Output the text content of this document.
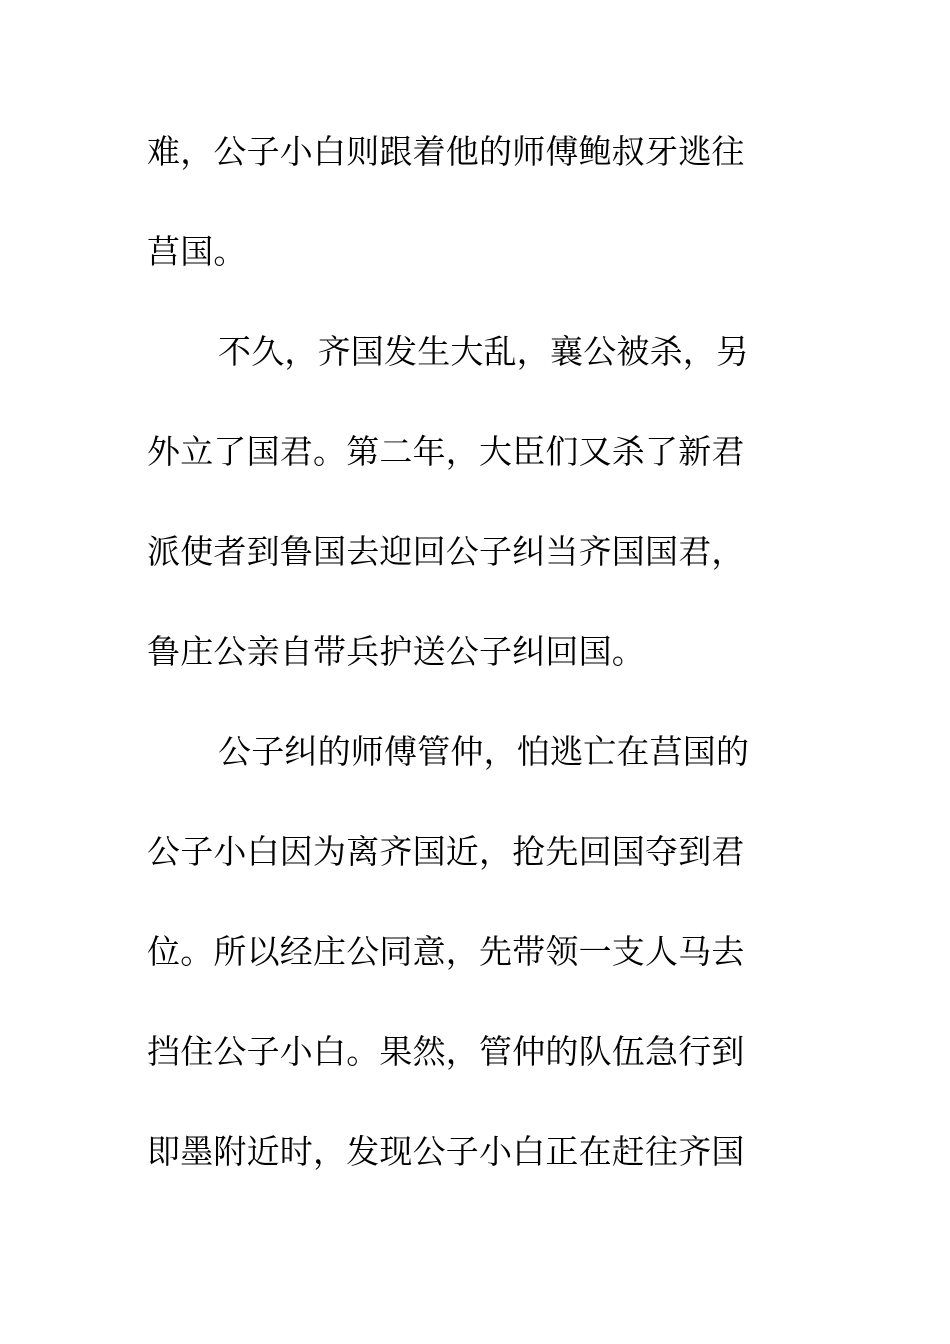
难，公子小白则跟着他的师傅鲍叔牙逃往
莒国。
不久，齐国发生大乱，襄公被杀，另
外立了国君。第二年，大臣们又杀了新君
派使者到鲁国去迎回公子纠当齐国国君，
鲁庄公亲自带兵护送公子纠回国。
公子纠的师傅管仲，怕逃亡在莒国的
公子小白因为离齐国近，抢先回国夺到君
位。所以经庄公同意，先带领一支人马去
挡住公子小白。果然，管仲的队伍急行到
即墨附近时，发现公子小白正在赶往齐国
